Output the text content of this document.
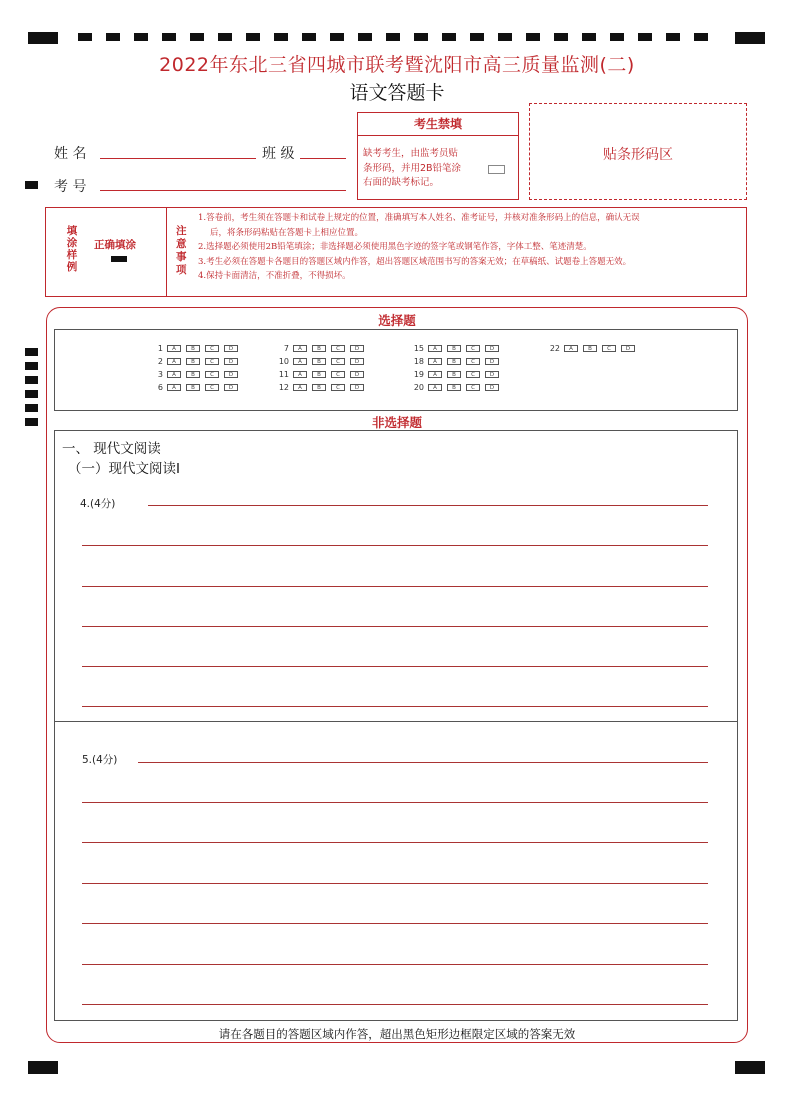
2022年东北三省四城市联考暨沈阳市高三质量监测(二)
语文答题卡
姓 名	班 级
考 号
考生禁填
缺考考生，由监考员贴
条形码，并用2B铅笔涂
右面的缺考标记。
贴条形码区
填
涂
样
例
正确填涂
注
意
事
项
1.答卷前，考生须在答题卡和试卷上规定的位置，准确填写本人姓名、准考证号，并核对准条形码上的信息，确认无误
后，将条形码粘贴在答题卡上相应位置。
2.选择题必须使用2B铅笔填涂；非选择题必须使用黑色字迹的签字笔或钢笔作答，字体工整、笔迹清楚。
3.考生必须在答题卡各题目的答题区域内作答，超出答题区域范围书写的答案无效；在草稿纸、试题卷上答题无效。
4.保持卡面清洁，不准折叠，不得损坏。
选择题
1	A	B	C	D
2	A	B	C	D
3	A	B	C	D
6	A	B	C	D
7	A	B	C	D
10	A	B	C	D
11	A	B	C	D
12	A	B	C	D
15	A	B	C	D
18	A	B	C	D
19	A	B	C	D
20	A	B	C	D
22	A	B	C	D
非选择题
一、 现代文阅读
（一）现代文阅读Ⅰ
4.(4分)
5.(4分)
请在各题目的答题区域内作答，超出黑色矩形边框限定区域的答案无效
